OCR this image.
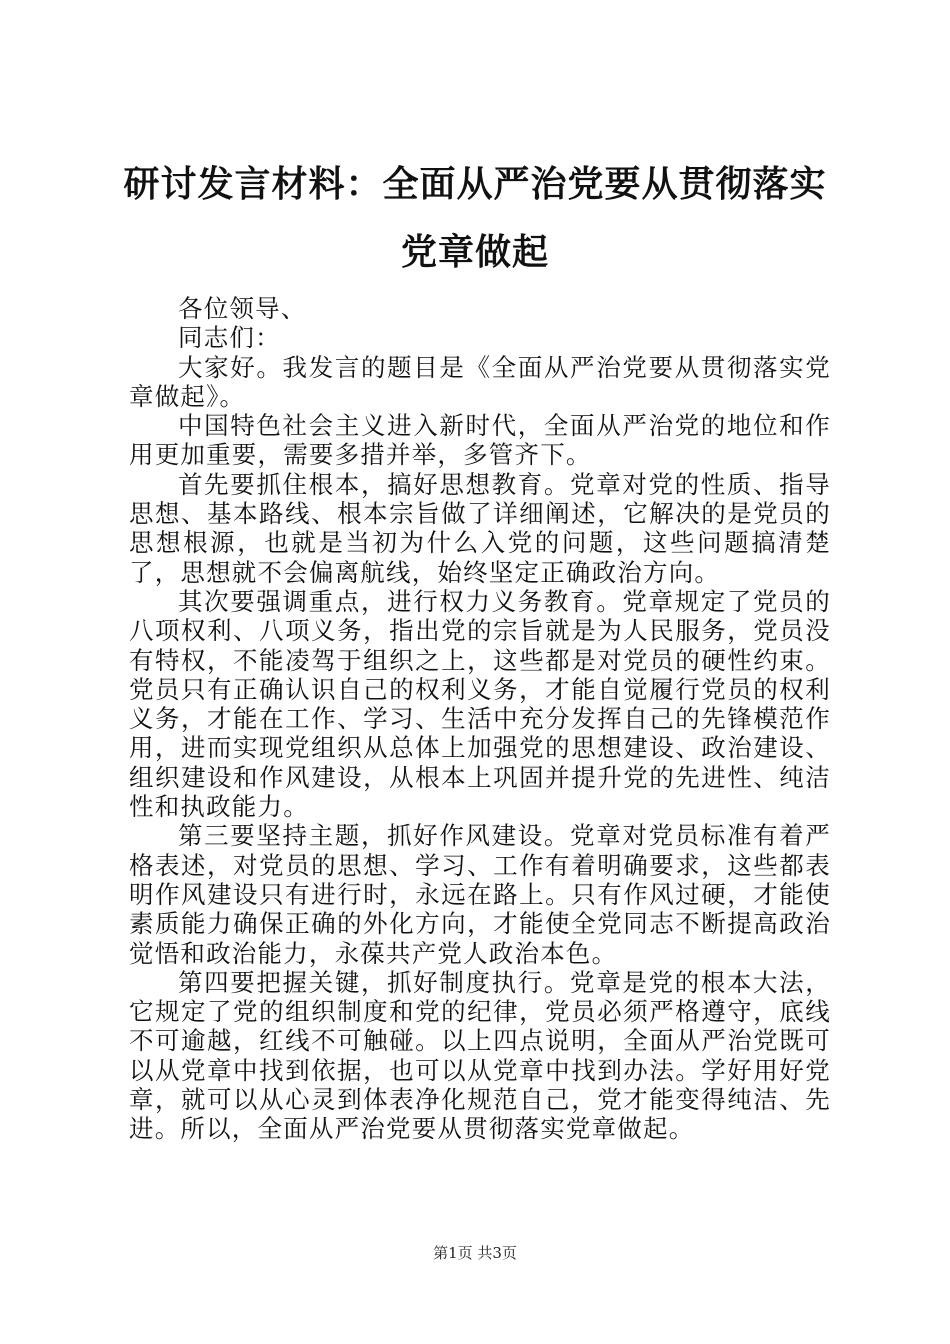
研讨发言材料：全面从严治党要从贯彻落实党章做起

各位领导、

同志们：

大家好。我发言的题目是《全面从严治党要从贯彻落实党章做起》。

中国特色社会主义进入新时代，全面从严治党的地位和作用更加重要，需要多措并举，多管齐下。

首先要抓住根本，搞好思想教育。党章对党的性质、指导思想、基本路线、根本宗旨做了详细阐述，它解决的是党员的思想根源，也就是当初为什么入党的问题，这些问题搞清楚了，思想就不会偏离航线，始终坚定正确政治方向。

其次要强调重点，进行权力义务教育。党章规定了党员的八项权利、八项义务，指出党的宗旨就是为人民服务，党员没有特权，不能凌驾于组织之上，这些都是对党员的硬性约束。党员只有正确认识自己的权利义务，才能自觉履行党员的权利义务，才能在工作、学习、生活中充分发挥自己的先锋模范作用，进而实现党组织从总体上加强党的思想建设、政治建设、组织建设和作风建设，从根本上巩固并提升党的先进性、纯洁性和执政能力。

第三要坚持主题，抓好作风建设。党章对党员标准有着严格表述，对党员的思想、学习、工作有着明确要求，这些都表明作风建设只有进行时，永远在路上。只有作风过硬，才能使素质能力确保正确的外化方向，才能使全党同志不断提高政治觉悟和政治能力，永葆共产党人政治本色。

第四要把握关键，抓好制度执行。党章是党的根本大法，它规定了党的组织制度和党的纪律，党员必须严格遵守，底线不可逾越，红线不可触碰。以上四点说明，全面从严治党既可以从党章中找到依据，也可以从党章中找到办法。学好用好党章，就可以从心灵到体表净化规范自己，党才能变得纯洁、先进。所以，全面从严治党要从贯彻落实党章做起。

第1页 共3页
